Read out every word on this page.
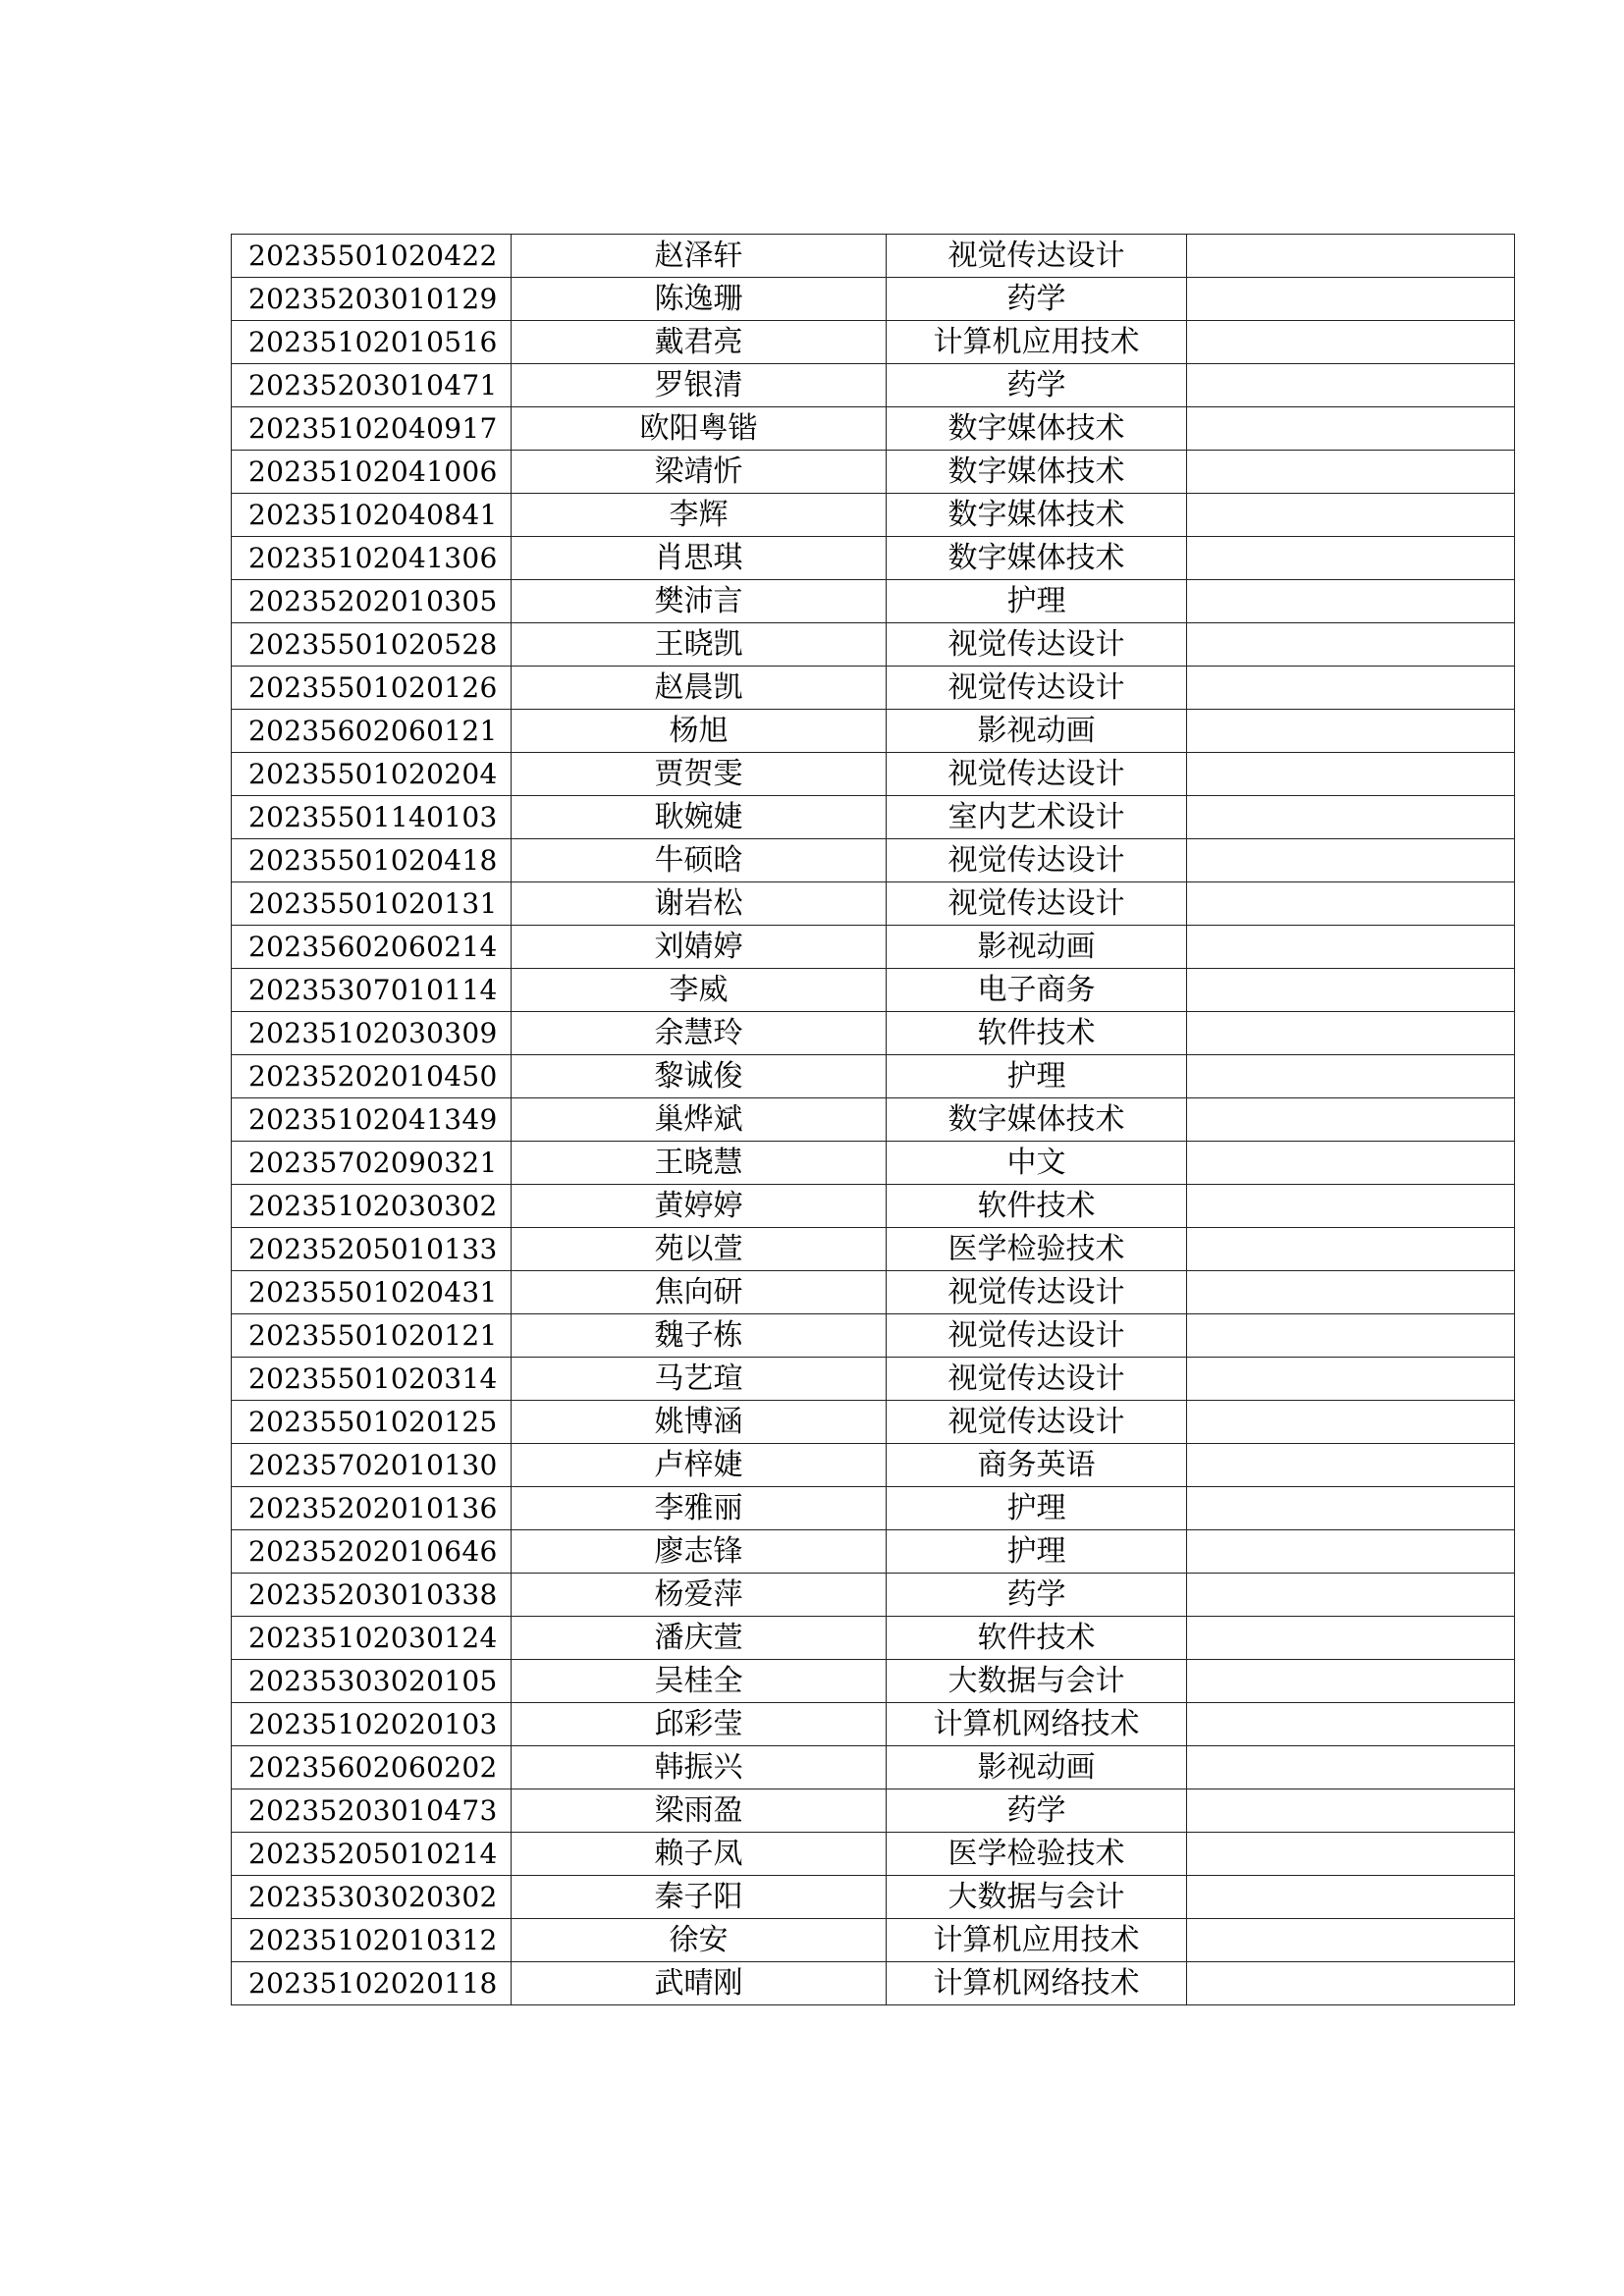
20235501020422	赵泽轩	视觉传达设计	
20235203010129	陈逸珊	药学	
20235102010516	戴君亮	计算机应用技术	
20235203010471	罗银清	药学	
20235102040917	欧阳粤锴	数字媒体技术	
20235102041006	梁靖忻	数字媒体技术	
20235102040841	李辉	数字媒体技术	
20235102041306	肖思琪	数字媒体技术	
20235202010305	樊沛言	护理	
20235501020528	王晓凯	视觉传达设计	
20235501020126	赵晨凯	视觉传达设计	
20235602060121	杨旭	影视动画	
20235501020204	贾贺雯	视觉传达设计	
20235501140103	耿婉婕	室内艺术设计	
20235501020418	牛硕晗	视觉传达设计	
20235501020131	谢岩松	视觉传达设计	
20235602060214	刘婧婷	影视动画	
20235307010114	李威	电子商务	
20235102030309	余慧玲	软件技术	
20235202010450	黎诚俊	护理	
20235102041349	巢烨斌	数字媒体技术	
20235702090321	王晓慧	中文	
20235102030302	黄婷婷	软件技术	
20235205010133	苑以萱	医学检验技术	
20235501020431	焦向研	视觉传达设计	
20235501020121	魏子栋	视觉传达设计	
20235501020314	马艺瑄	视觉传达设计	
20235501020125	姚博涵	视觉传达设计	
20235702010130	卢梓婕	商务英语	
20235202010136	李雅丽	护理	
20235202010646	廖志锋	护理	
20235203010338	杨爱萍	药学	
20235102030124	潘庆萱	软件技术	
20235303020105	吴桂全	大数据与会计	
20235102020103	邱彩莹	计算机网络技术	
20235602060202	韩振兴	影视动画	
20235203010473	梁雨盈	药学	
20235205010214	赖子凤	医学检验技术	
20235303020302	秦子阳	大数据与会计	
20235102010312	徐安	计算机应用技术	
20235102020118	武晴刚	计算机网络技术	
